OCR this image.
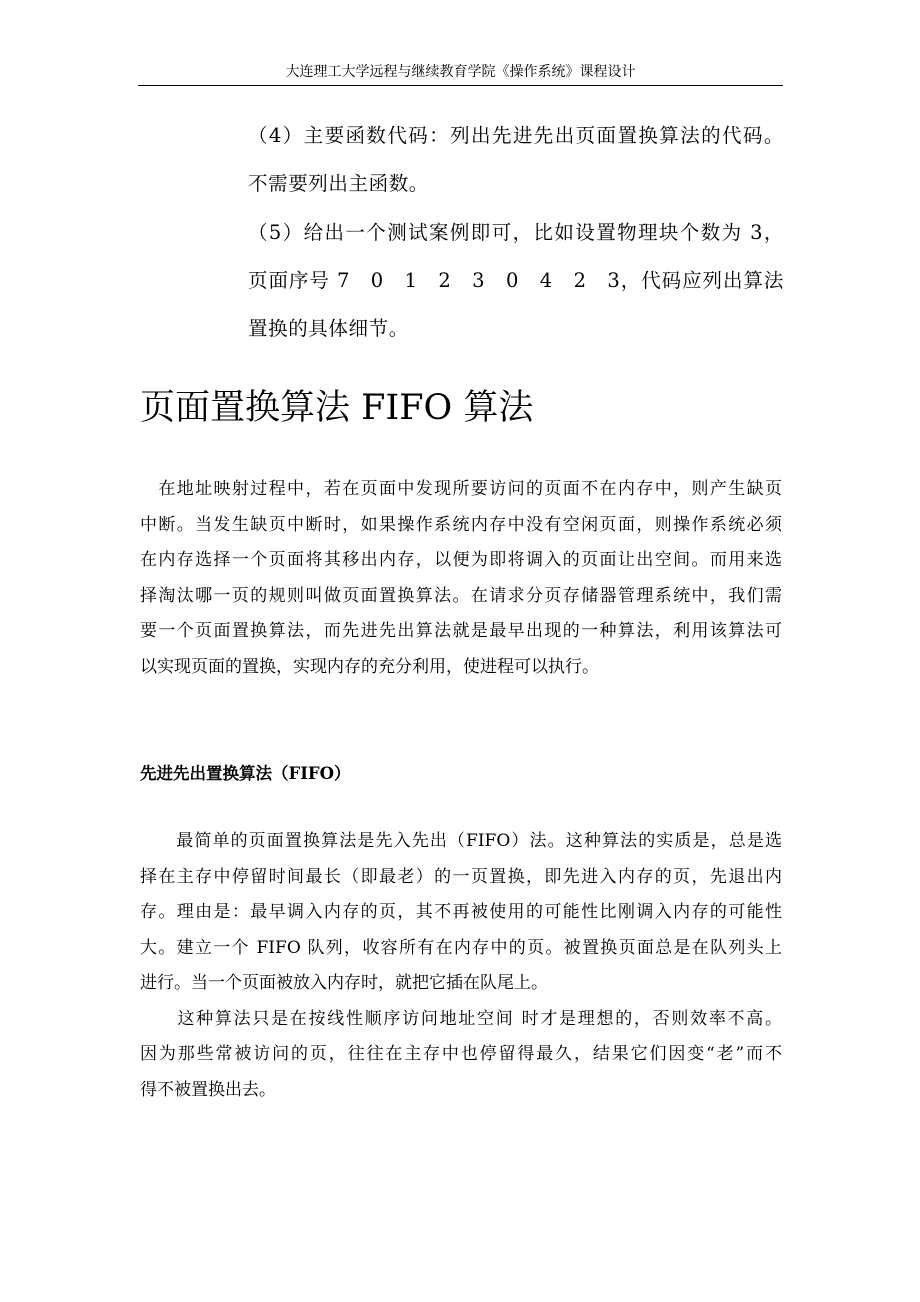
大连理工大学远程与继续教育学院《操作系统》课程设计
（4）主要函数代码：列出先进先出页面置换算法的代码。
不需要列出主函数。
（5）给出一个测试案例即可，比如设置物理块个数为 3，
页面序号 7　0　1　2　3　0　4　2　3，代码应列出算法
置换的具体细节。
页面置换算法 FIFO 算法
　在地址映射过程中，若在页面中发现所要访问的页面不在内存中，则产生缺页
中断。当发生缺页中断时，如果操作系统内存中没有空闲页面，则操作系统必须
在内存选择一个页面将其移出内存，以便为即将调入的页面让出空间。而用来选
择淘汰哪一页的规则叫做页面置换算法。在请求分页存储器管理系统中，我们需
要一个页面置换算法，而先进先出算法就是最早出现的一种算法，利用该算法可
以实现页面的置换，实现内存的充分利用，使进程可以执行。
先进先出置换算法（FIFO）
　　最简单的页面置换算法是先入先出（FIFO）法。这种算法的实质是，总是选
择在主存中停留时间最长（即最老）的一页置换，即先进入内存的页，先退出内
存。理由是：最早调入内存的页，其不再被使用的可能性比刚调入内存的可能性
大。建立一个 FIFO 队列，收容所有在内存中的页。被置换页面总是在队列头上
进行。当一个页面被放入内存时，就把它插在队尾上。
　　这种算法只是在按线性顺序访问地址空间 时才是理想的，否则效率不高。
因为那些常被访问的页，往往在主存中也停留得最久，结果它们因变“老”而不
得不被置换出去。
